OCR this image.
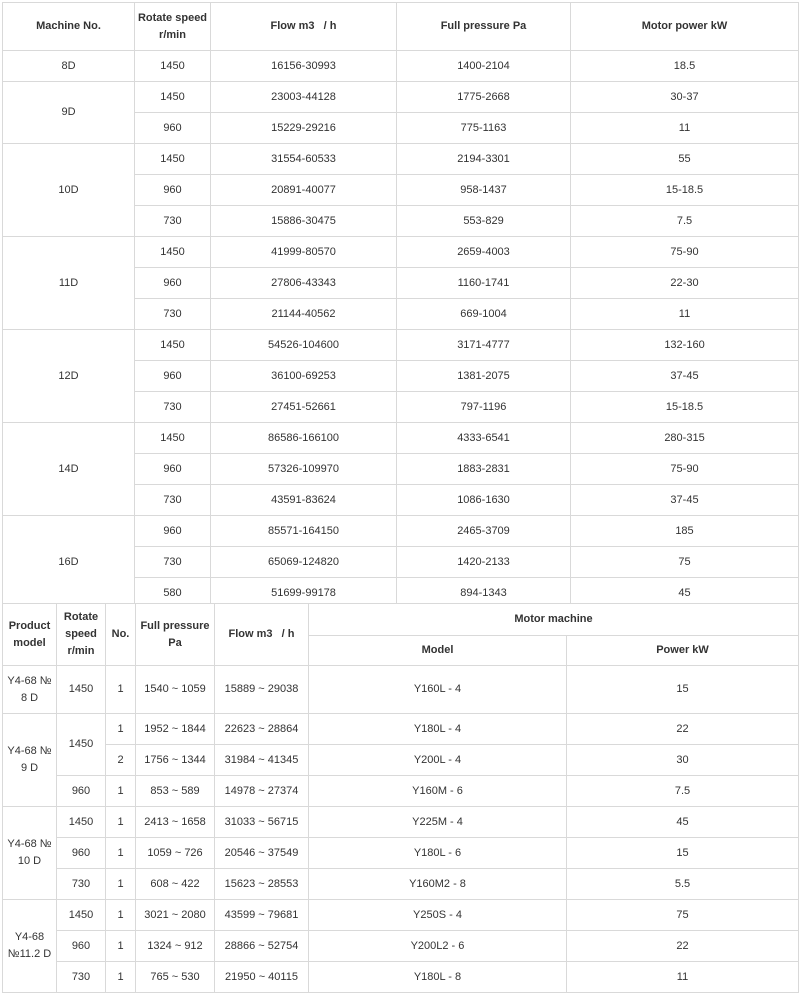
Machine No.	Rotate speed r/min	Flow m3   / h	Full pressure Pa	Motor power kW
8D	1450	16156-30993	1400-2104	18.5
9D	1450	23003-44128	1775-2668	30-37
	960	15229-29216	775-1163	11
10D	1450	31554-60533	2194-3301	55
	960	20891-40077	958-1437	15-18.5
	730	15886-30475	553-829	7.5
11D	1450	41999-80570	2659-4003	75-90
	960	27806-43343	1160-1741	22-30
	730	21144-40562	669-1004	11
12D	1450	54526-104600	3171-4777	132-160
	960	36100-69253	1381-2075	37-45
	730	27451-52661	797-1196	15-18.5
14D	1450	86586-166100	4333-6541	280-315
	960	57326-109970	1883-2831	75-90
	730	43591-83624	1086-1630	37-45
16D	960	85571-164150	2465-3709	185
	730	65069-124820	1420-2133	75
	580	51699-99178	894-1343	45
Product model	Rotate speed r/min	No.	Full pressure Pa	Flow m3   / h	Motor machine	
					Model	Power kW
Y4-68 № 8 D	1450	1	1540 ~ 1059	15889 ~ 29038	Y160L - 4	15
Y4-68 № 9 D	1450	1	1952 ~ 1844	22623 ~ 28864	Y180L - 4	22
		2	1756 ~ 1344	31984 ~ 41345	Y200L - 4	30
	960	1	853 ~ 589	14978 ~ 27374	Y160M - 6	7.5
Y4-68 № 10 D	1450	1	2413 ~ 1658	31033 ~ 56715	Y225M - 4	45
	960	1	1059 ~ 726	20546 ~ 37549	Y180L - 6	15
	730	1	608 ~ 422	15623 ~ 28553	Y160M2 - 8	5.5
Y4-68 №11.2 D	1450	1	3021 ~ 2080	43599 ~ 79681	Y250S - 4	75
	960	1	1324 ~ 912	28866 ~ 52754	Y200L2 - 6	22
	730	1	765 ~ 530	21950 ~ 40115	Y180L - 8	11
